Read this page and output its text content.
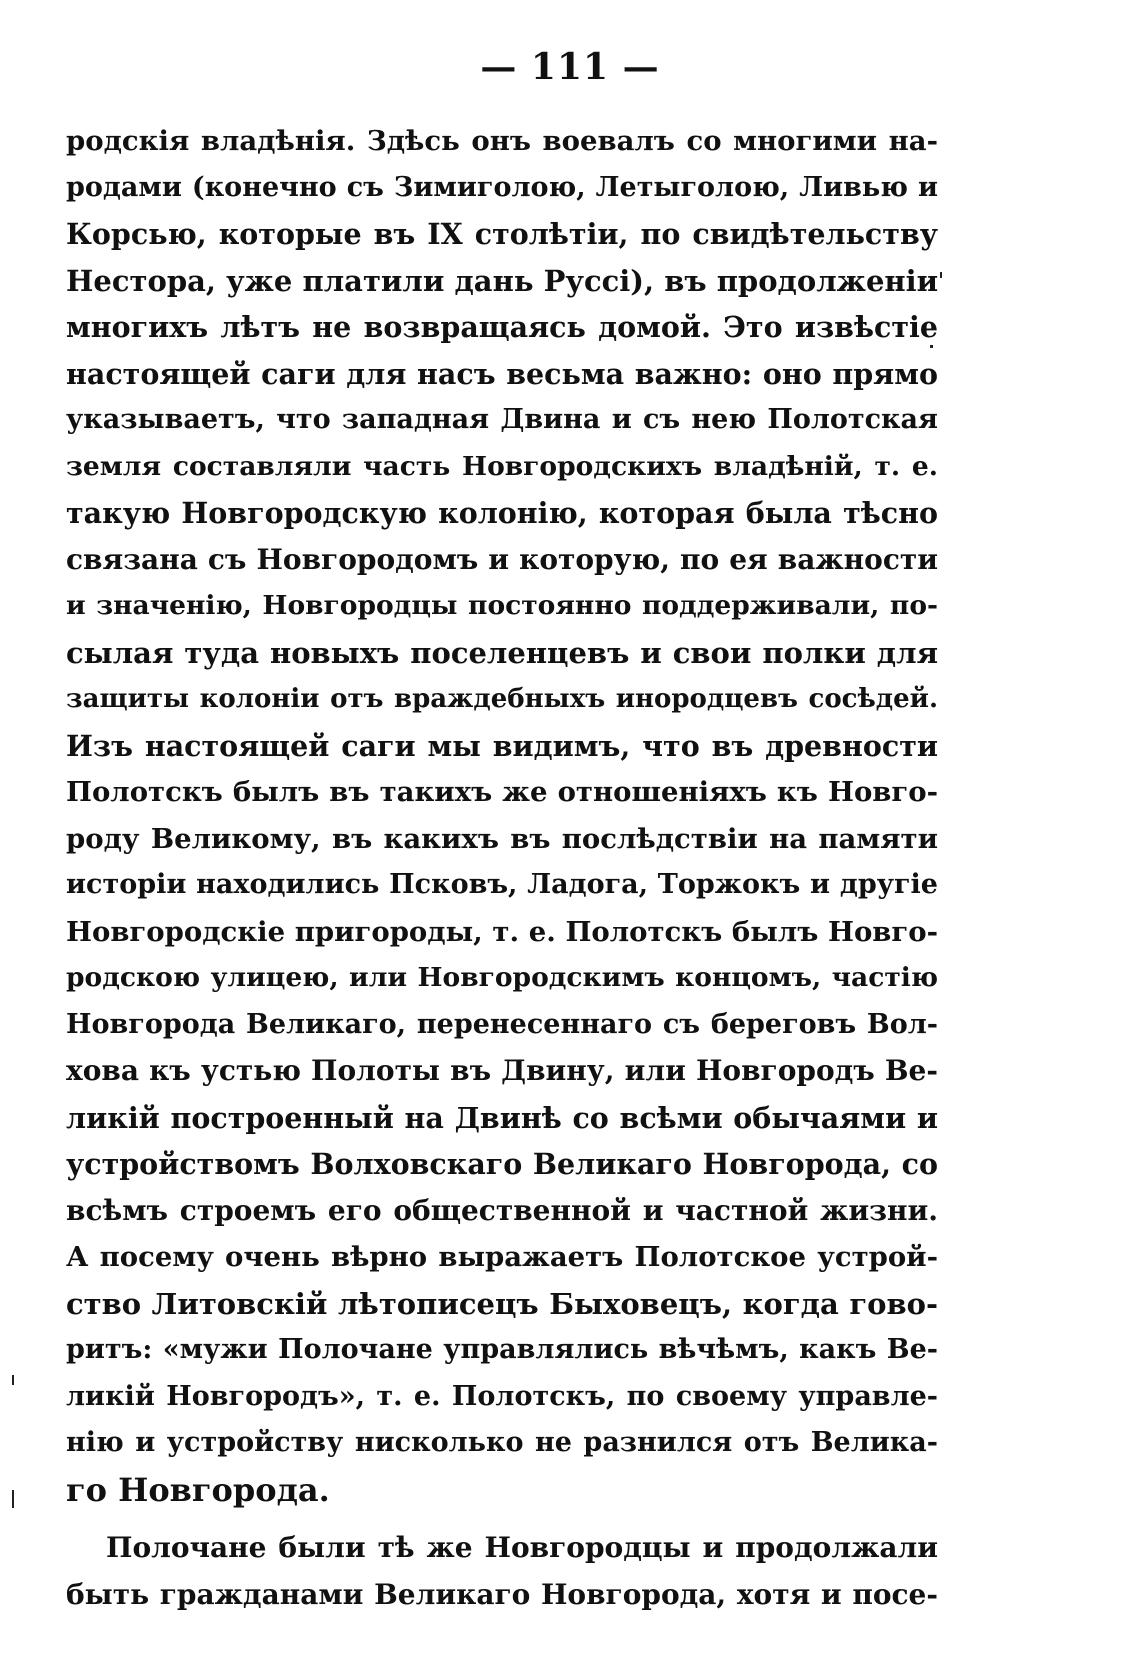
— 111 —
родскія владѣнія. Здѣсь онъ воевалъ со многими на-
родами (конечно съ Зимиголою, Летыголою, Ливью и
Корсью, которые въ IX столѣтіи, по свидѣтельству
Нестора, уже платили дань Руссі), въ продолженіи
многихъ лѣтъ не возвращаясь домой. Это извѣстіе
настоящей саги для насъ весьма важно: оно прямо
указываетъ, что западная Двина и съ нею Полотская
земля составляли часть Новгородскихъ владѣній, т. е.
такую Новгородскую колонію, которая была тѣсно
связана съ Новгородомъ и которую, по ея важности
и значенію, Новгородцы постоянно поддерживали, по-
сылая туда новыхъ поселенцевъ и свои полки для
защиты колоніи отъ враждебныхъ инородцевъ сосѣдей.
Изъ настоящей саги мы видимъ, что въ древности
Полотскъ былъ въ такихъ же отношеніяхъ къ Новго-
роду Великому, въ какихъ въ послѣдствіи на памяти
исторіи находились Псковъ, Ладога, Торжокъ и другіе
Новгородскіе пригороды, т. е. Полотскъ былъ Новго-
родскою улицею, или Новгородскимъ концомъ, частію
Новгорода Великаго, перенесеннаго съ береговъ Вол-
хова къ устью Полоты въ Двину, или Новгородъ Ве-
ликій построенный на Двинѣ со всѣми обычаями и
устройствомъ Волховскаго Великаго Новгорода, со
всѣмъ строемъ его общественной и частной жизни.
А посему очень вѣрно выражаетъ Полотское устрой-
ство Литовскій лѣтописецъ Быховецъ, когда гово-
ритъ: «мужи Полочане управлялись вѣчѣмъ, какъ Ве-
ликій Новгородъ», т. е. Полотскъ, по своему управле-
нію и устройству нисколько не разнился отъ Велика-
го Новгорода.
Полочане были тѣ же Новгородцы и продолжали
быть гражданами Великаго Новгорода, хотя и посе-
